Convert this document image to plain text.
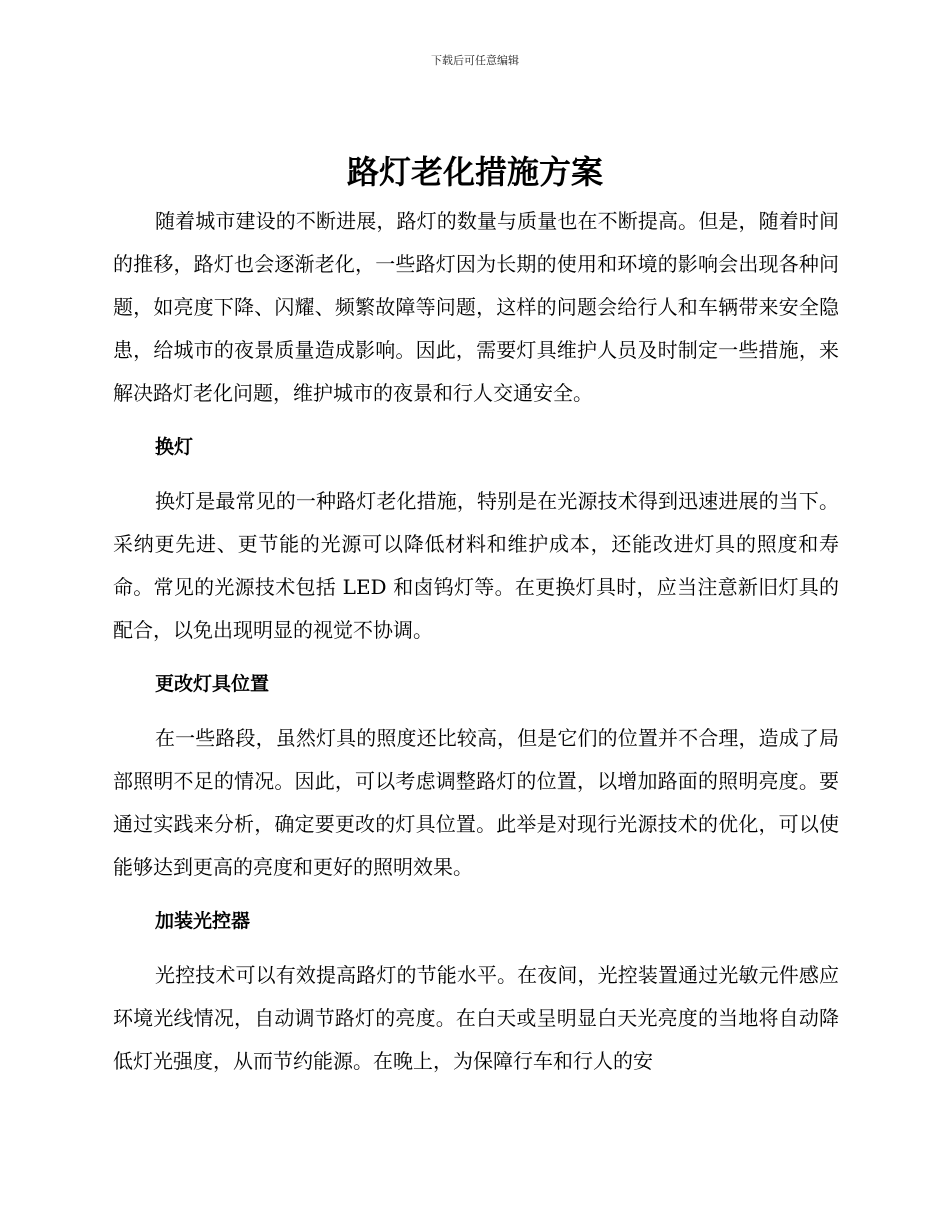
下载后可任意编辑
路灯老化措施方案

随着城市建设的不断进展，路灯的数量与质量也在不断提高。但是，随着时间的推移，路灯也会逐渐老化，一些路灯因为长期的使用和环境的影响会出现各种问题，如亮度下降、闪耀、频繁故障等问题，这样的问题会给行人和车辆带来安全隐患，给城市的夜景质量造成影响。因此，需要灯具维护人员及时制定一些措施，来解决路灯老化问题，维护城市的夜景和行人交通安全。

换灯

换灯是最常见的一种路灯老化措施，特别是在光源技术得到迅速进展的当下。采纳更先进、更节能的光源可以降低材料和维护成本，还能改进灯具的照度和寿命。常见的光源技术包括 LED 和卤钨灯等。在更换灯具时，应当注意新旧灯具的配合，以免出现明显的视觉不协调。

更改灯具位置

在一些路段，虽然灯具的照度还比较高，但是它们的位置并不合理，造成了局部照明不足的情况。因此，可以考虑调整路灯的位置，以增加路面的照明亮度。要通过实践来分析，确定要更改的灯具位置。此举是对现行光源技术的优化，可以使能够达到更高的亮度和更好的照明效果。

加装光控器

光控技术可以有效提高路灯的节能水平。在夜间，光控装置通过光敏元件感应环境光线情况，自动调节路灯的亮度。在白天或呈明显白天光亮度的当地将自动降低灯光强度，从而节约能源。在晚上，为保障行车和行人的安
